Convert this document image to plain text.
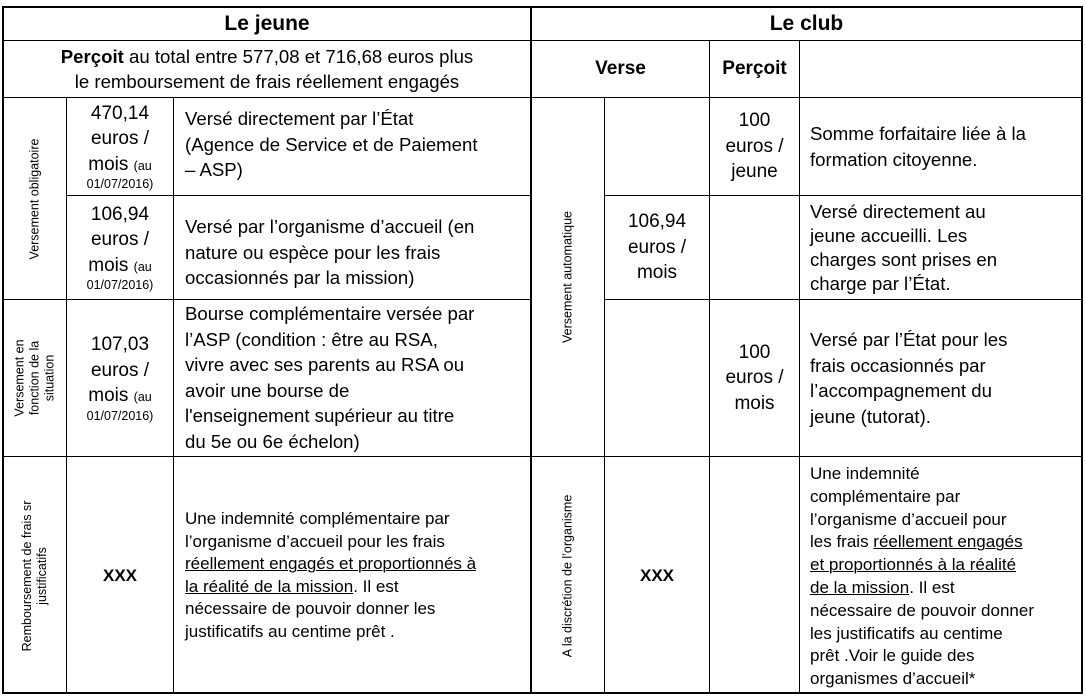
Le jeune
Perçoit au total entre 577,08 et 716,68 euros plus
le remboursement de frais réellement engagés
Versement obligatoire
Versement en fonction de la situation
Remboursement de frais sr justificatifs
470,14
euros /
mois (au
01/07/2016)
Versé directement par l’État
(Agence de Service et de Paiement
– ASP)
106,94
euros /
mois (au
01/07/2016)
Versé par l’organisme d’accueil (en
nature ou espèce pour les frais
occasionnés par la mission)
107,03
euros /
mois (au
01/07/2016)
Bourse complémentaire versée par
l’ASP (condition : être au RSA,
vivre avec ses parents au RSA ou
avoir une bourse de
l'enseignement supérieur au titre
du 5e ou 6e échelon)
XXX
Une indemnité complémentaire par
l’organisme d’accueil pour les frais
réellement engagés et proportionnés à
la réalité de la mission. Il est
nécessaire de pouvoir donner les
justificatifs au centime prêt .
Le club
Verse	Perçoit
Versement automatique
A la discrétion de l’organisme
100
euros /
jeune
Somme forfaitaire liée à la
formation citoyenne.
106,94
euros /
mois
Versé directement au
jeune accueilli. Les
charges sont prises en
charge par l’État.
100
euros /
mois
Versé par l’État pour les
frais occasionnés par
l’accompagnement du
jeune (tutorat).
XXX
Une indemnité
complémentaire par
l’organisme d’accueil pour
les frais réellement engagés
et proportionnés à la réalité
de la mission. Il est
nécessaire de pouvoir donner
les justificatifs au centime
prêt .Voir le guide des
organismes d’accueil*
